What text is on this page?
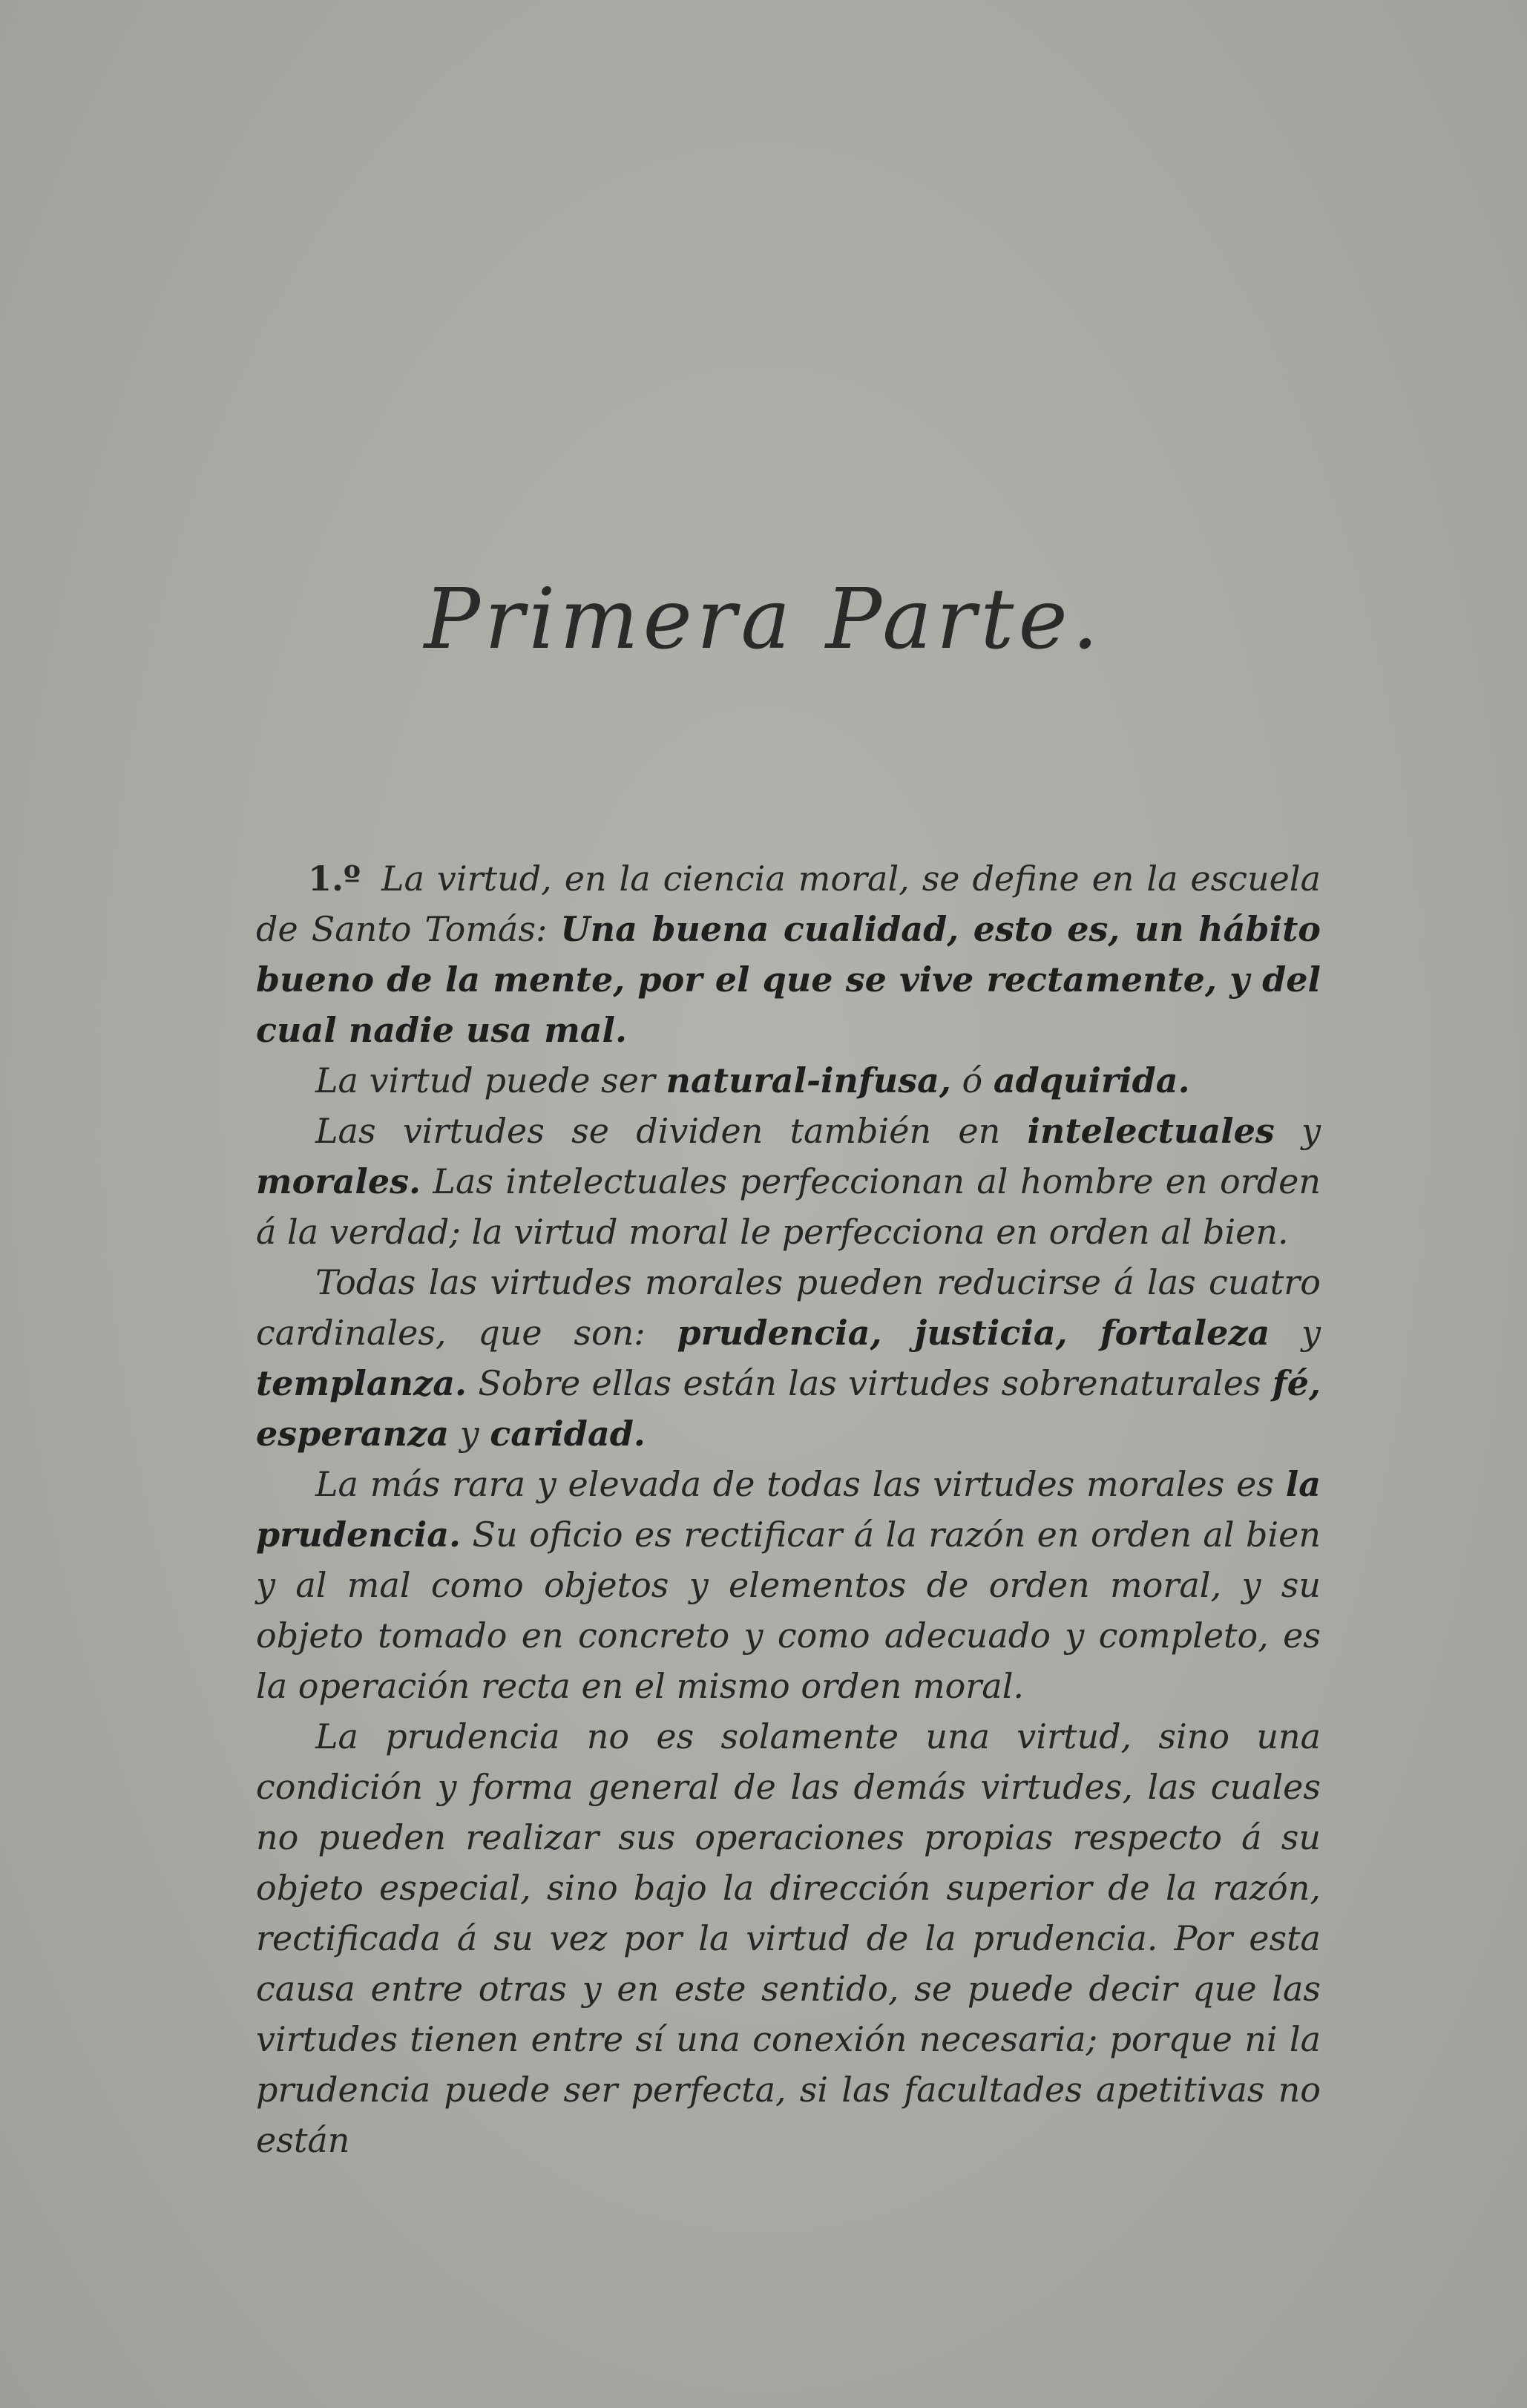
Primera Parte.

1.º La virtud, en la ciencia moral, se define en la escuela de Santo Tomás: Una buena cualidad, esto es, un hábito bueno de la mente, por el que se vive rectamente, y del cual nadie usa mal.

La virtud puede ser natural-infusa, ó adquirida.

Las virtudes se dividen también en intelectuales y morales. Las intelectuales perfeccionan al hombre en orden á la verdad; la virtud moral le perfecciona en orden al bien.

Todas las virtudes morales pueden reducirse á las cuatro cardinales, que son: prudencia, justicia, fortaleza y templanza. Sobre ellas están las virtudes sobrenaturales fé, esperanza y caridad.

La más rara y elevada de todas las virtudes morales es la prudencia. Su oficio es rectificar á la razón en orden al bien y al mal como objetos y elementos de orden moral, y su objeto tomado en concreto y como adecuado y completo, es la operación recta en el mismo orden moral.

La prudencia no es solamente una virtud, sino una condición y forma general de las demás virtudes, las cuales no pueden realizar sus operaciones propias respecto á su objeto especial, sino bajo la dirección superior de la razón, rectificada á su vez por la virtud de la prudencia. Por esta causa entre otras y en este sentido, se puede decir que las virtudes tienen entre sí una conexión necesaria; porque ni la prudencia puede ser perfecta, si las facultades apetitivas no están
